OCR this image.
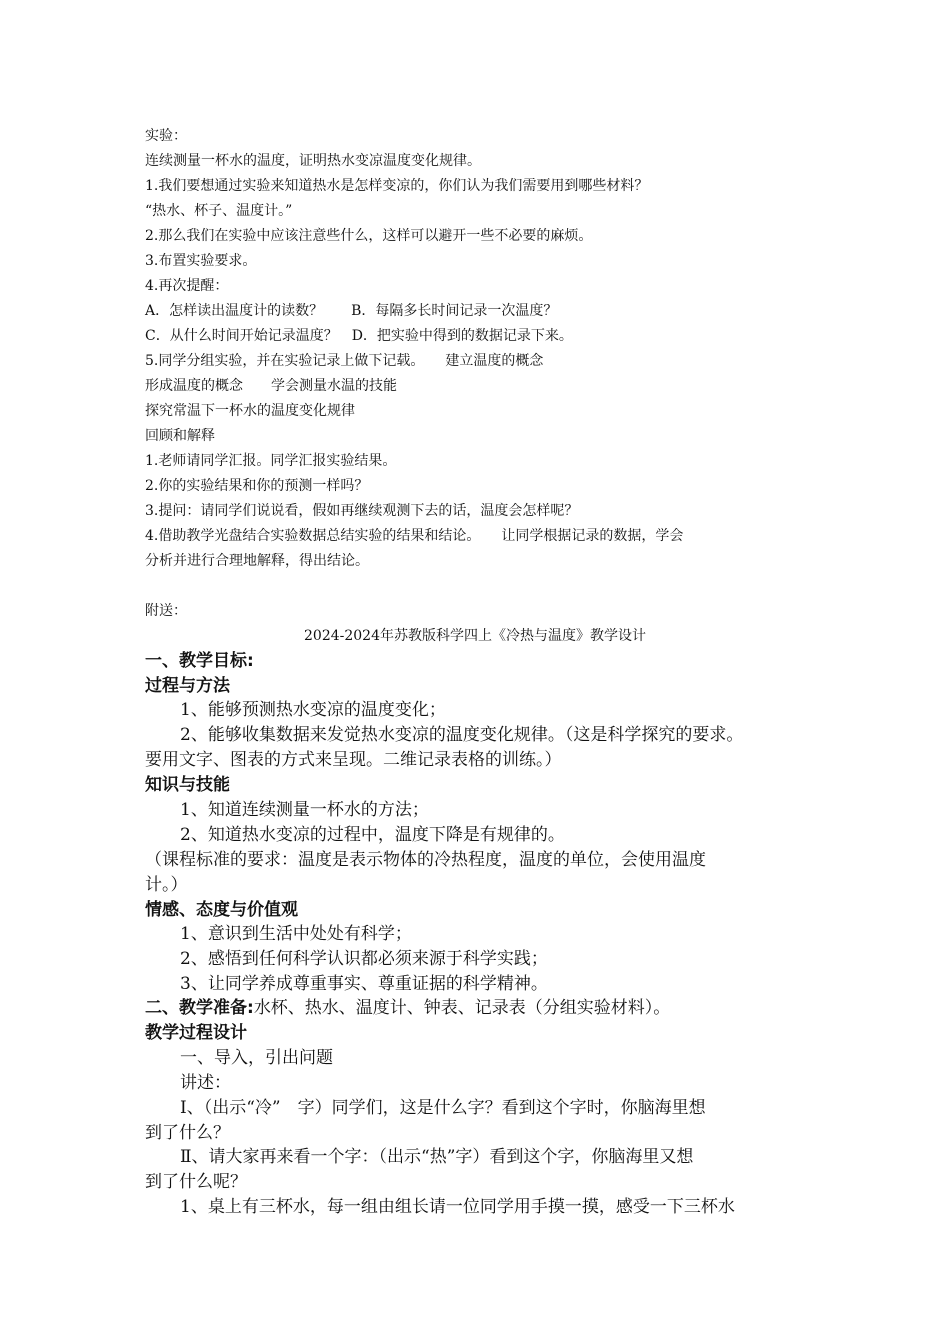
实验：
连续测量一杯水的温度，证明热水变凉温度变化规律。
1.我们要想通过实验来知道热水是怎样变凉的，你们认为我们需要用到哪些材料？
“热水、杯子、温度计。”
2.那么我们在实验中应该注意些什么，这样可以避开一些不必要的麻烦。
3.布置实验要求。
4.再次提醒：
A．怎样读出温度计的读数？　　B．每隔多长时间记录一次温度？
C．从什么时间开始记录温度？　D．把实验中得到的数据记录下来。
5.同学分组实验，并在实验记录上做下记载。　　建立温度的概念
形成温度的概念　　学会测量水温的技能
探究常温下一杯水的温度变化规律
回顾和解释
1.老师请同学汇报。同学汇报实验结果。
2.你的实验结果和你的预测一样吗？
3.提问：请同学们说说看，假如再继续观测下去的话，温度会怎样呢？
4.借助教学光盘结合实验数据总结实验的结果和结论。　　让同学根据记录的数据，学会
分析并进行合理地解释，得出结论。
附送：
2024-2024年苏教版科学四上《冷热与温度》教学设计
一、教学目标:
过程与方法
1、能够预测热水变凉的温度变化；
2、能够收集数据来发觉热水变凉的温度变化规律。（这是科学探究的要求。
要用文字、图表的方式来呈现。二维记录表格的训练。）
知识与技能
1、知道连续测量一杯水的方法；
2、知道热水变凉的过程中，温度下降是有规律的。
（课程标准的要求：温度是表示物体的冷热程度，温度的单位，会使用温度
计。）
情感、态度与价值观
1、意识到生活中处处有科学；
2、感悟到任何科学认识都必须来源于科学实践；
3、让同学养成尊重事实、尊重证据的科学精神。
二、教学准备:水杯、热水、温度计、钟表、记录表（分组实验材料）。
教学过程设计
一、导入，引出问题
讲述：
Ⅰ、（出示“冷”　字）同学们，这是什么字？看到这个字时，你脑海里想
到了什么？
Ⅱ、请大家再来看一个字：（出示“热”字）看到这个字，你脑海里又想
到了什么呢？
1、桌上有三杯水，每一组由组长请一位同学用手摸一摸，感受一下三杯水
